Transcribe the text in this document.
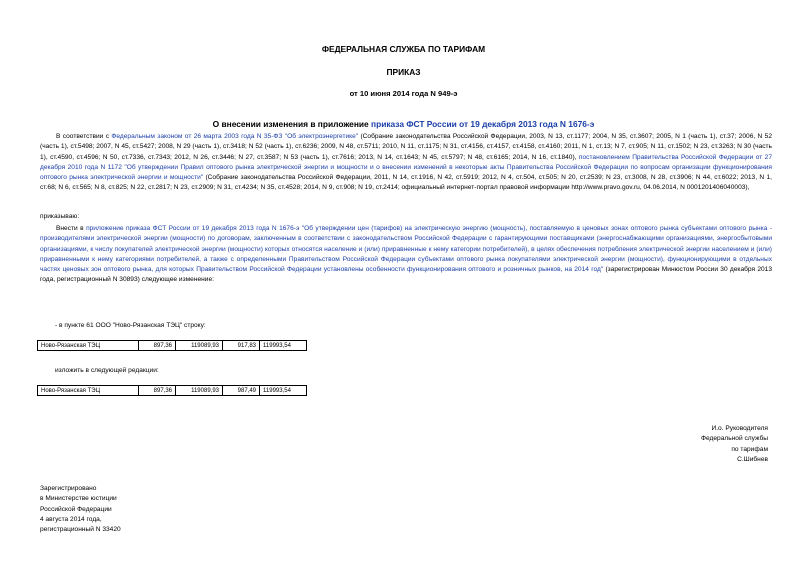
ФЕДЕРАЛЬНАЯ СЛУЖБА ПО ТАРИФАМ
ПРИКАЗ
от 10 июня 2014 года N 949-э
О внесении изменения в приложение приказа ФСТ России от 19 декабря 2013 года N 1676-э
В соответствии с Федеральным законом от 26 марта 2003 года N 35-ФЗ "Об электроэнергетике" (Собрание законодательства Российской Федерации, 2003, N 13, ст.1177; 2004, N 35, ст.3607; 2005, N 1 (часть 1), ст.37; 2006, N 52 (часть 1), ст.5498; 2007, N 45, ст.5427; 2008, N 29 (часть 1), ст.3418; N 52 (часть 1), ст.6236; 2009, N 48, ст.5711; 2010, N 11, ст.1175; N 31, ст.4156, ст.4157, ст.4158, ст.4160; 2011, N 1, ст.13; N 7, ст.905; N 11, ст.1502; N 23, ст.3263; N 30 (часть 1), ст.4590, ст.4596; N 50, ст.7336, ст.7343; 2012, N 26, ст.3446; N 27, ст.3587; N 53 (часть 1), ст.7616; 2013, N 14, ст.1643; N 45, ст.5797; N 48, ст.6165; 2014, N 16, ст.1840), постановлением Правительства Российской Федерации от 27 декабря 2010 года N 1172 "Об утверждении Правил оптового рынка электрической энергии и мощности и о внесении изменений в некоторые акты Правительства Российской Федерации по вопросам организации функционирования оптового рынка электрической энергии и мощности" (Собрание законодательства Российской Федерации, 2011, N 14, ст.1916, N 42, ст.5919; 2012, N 4, ст.504, ст.505; N 20, ст.2539; N 23, ст.3008, N 28, ст.3906; N 44, ст.6022; 2013, N 1, ст.68; N 6, ст.565; N 8, ст.825; N 22, ст.2817; N 23, ст.2909; N 31, ст.4234; N 35, ст.4528; 2014, N 9, ст.908; N 19, ст.2414; официальный интернет-портал правовой информации http://www.pravo.gov.ru, 04.06.2014, N 0001201406040003),
приказываю:
Внести в приложение приказа ФСТ России от 19 декабря 2013 года N 1676-э "Об утверждении цен (тарифов) на электрическую энергию (мощность), поставляемую в ценовых зонах оптового рынка субъектами оптового рынка - производителями электрической энергии (мощности) по договорам, заключенным в соответствии с законодательством Российской Федерации с гарантирующими поставщиками (энергоснабжающими организациями, энергосбытовыми организациями, к числу покупателей электрической энергии (мощности) которых относятся население и (или) приравненные к нему категории потребителей), в целях обеспечения потребления электрической энергии населением и (или) приравненными к нему категориями потребителей, а также с определенными Правительством Российской Федерации субъектами оптового рынка покупателями электрической энергии (мощности), функционирующими в отдельных частях ценовых зон оптового рынка, для которых Правительством Российской Федерации установлены особенности функционирования оптового и розничных рынков, на 2014 год" (зарегистрирован Минюстом России 30 декабря 2013 года, регистрационный N 30893) следующее изменение:
- в пункте 61 ООО "Ново-Рязанская ТЭЦ" строку:
Ново-Рязанская ТЭЦ	897,36	119089,93	917,83	119993,54
изложить в следующей редакции:
Ново-Рязанская ТЭЦ	897,36	119089,93	987,49	119993,54
И.о. Руководителя
Федеральной службы
по тарифам
С.Шибнев
Зарегистрировано
в Министерстве юстиции
Российской Федерации
4 августа 2014 года,
регистрационный N 33420
